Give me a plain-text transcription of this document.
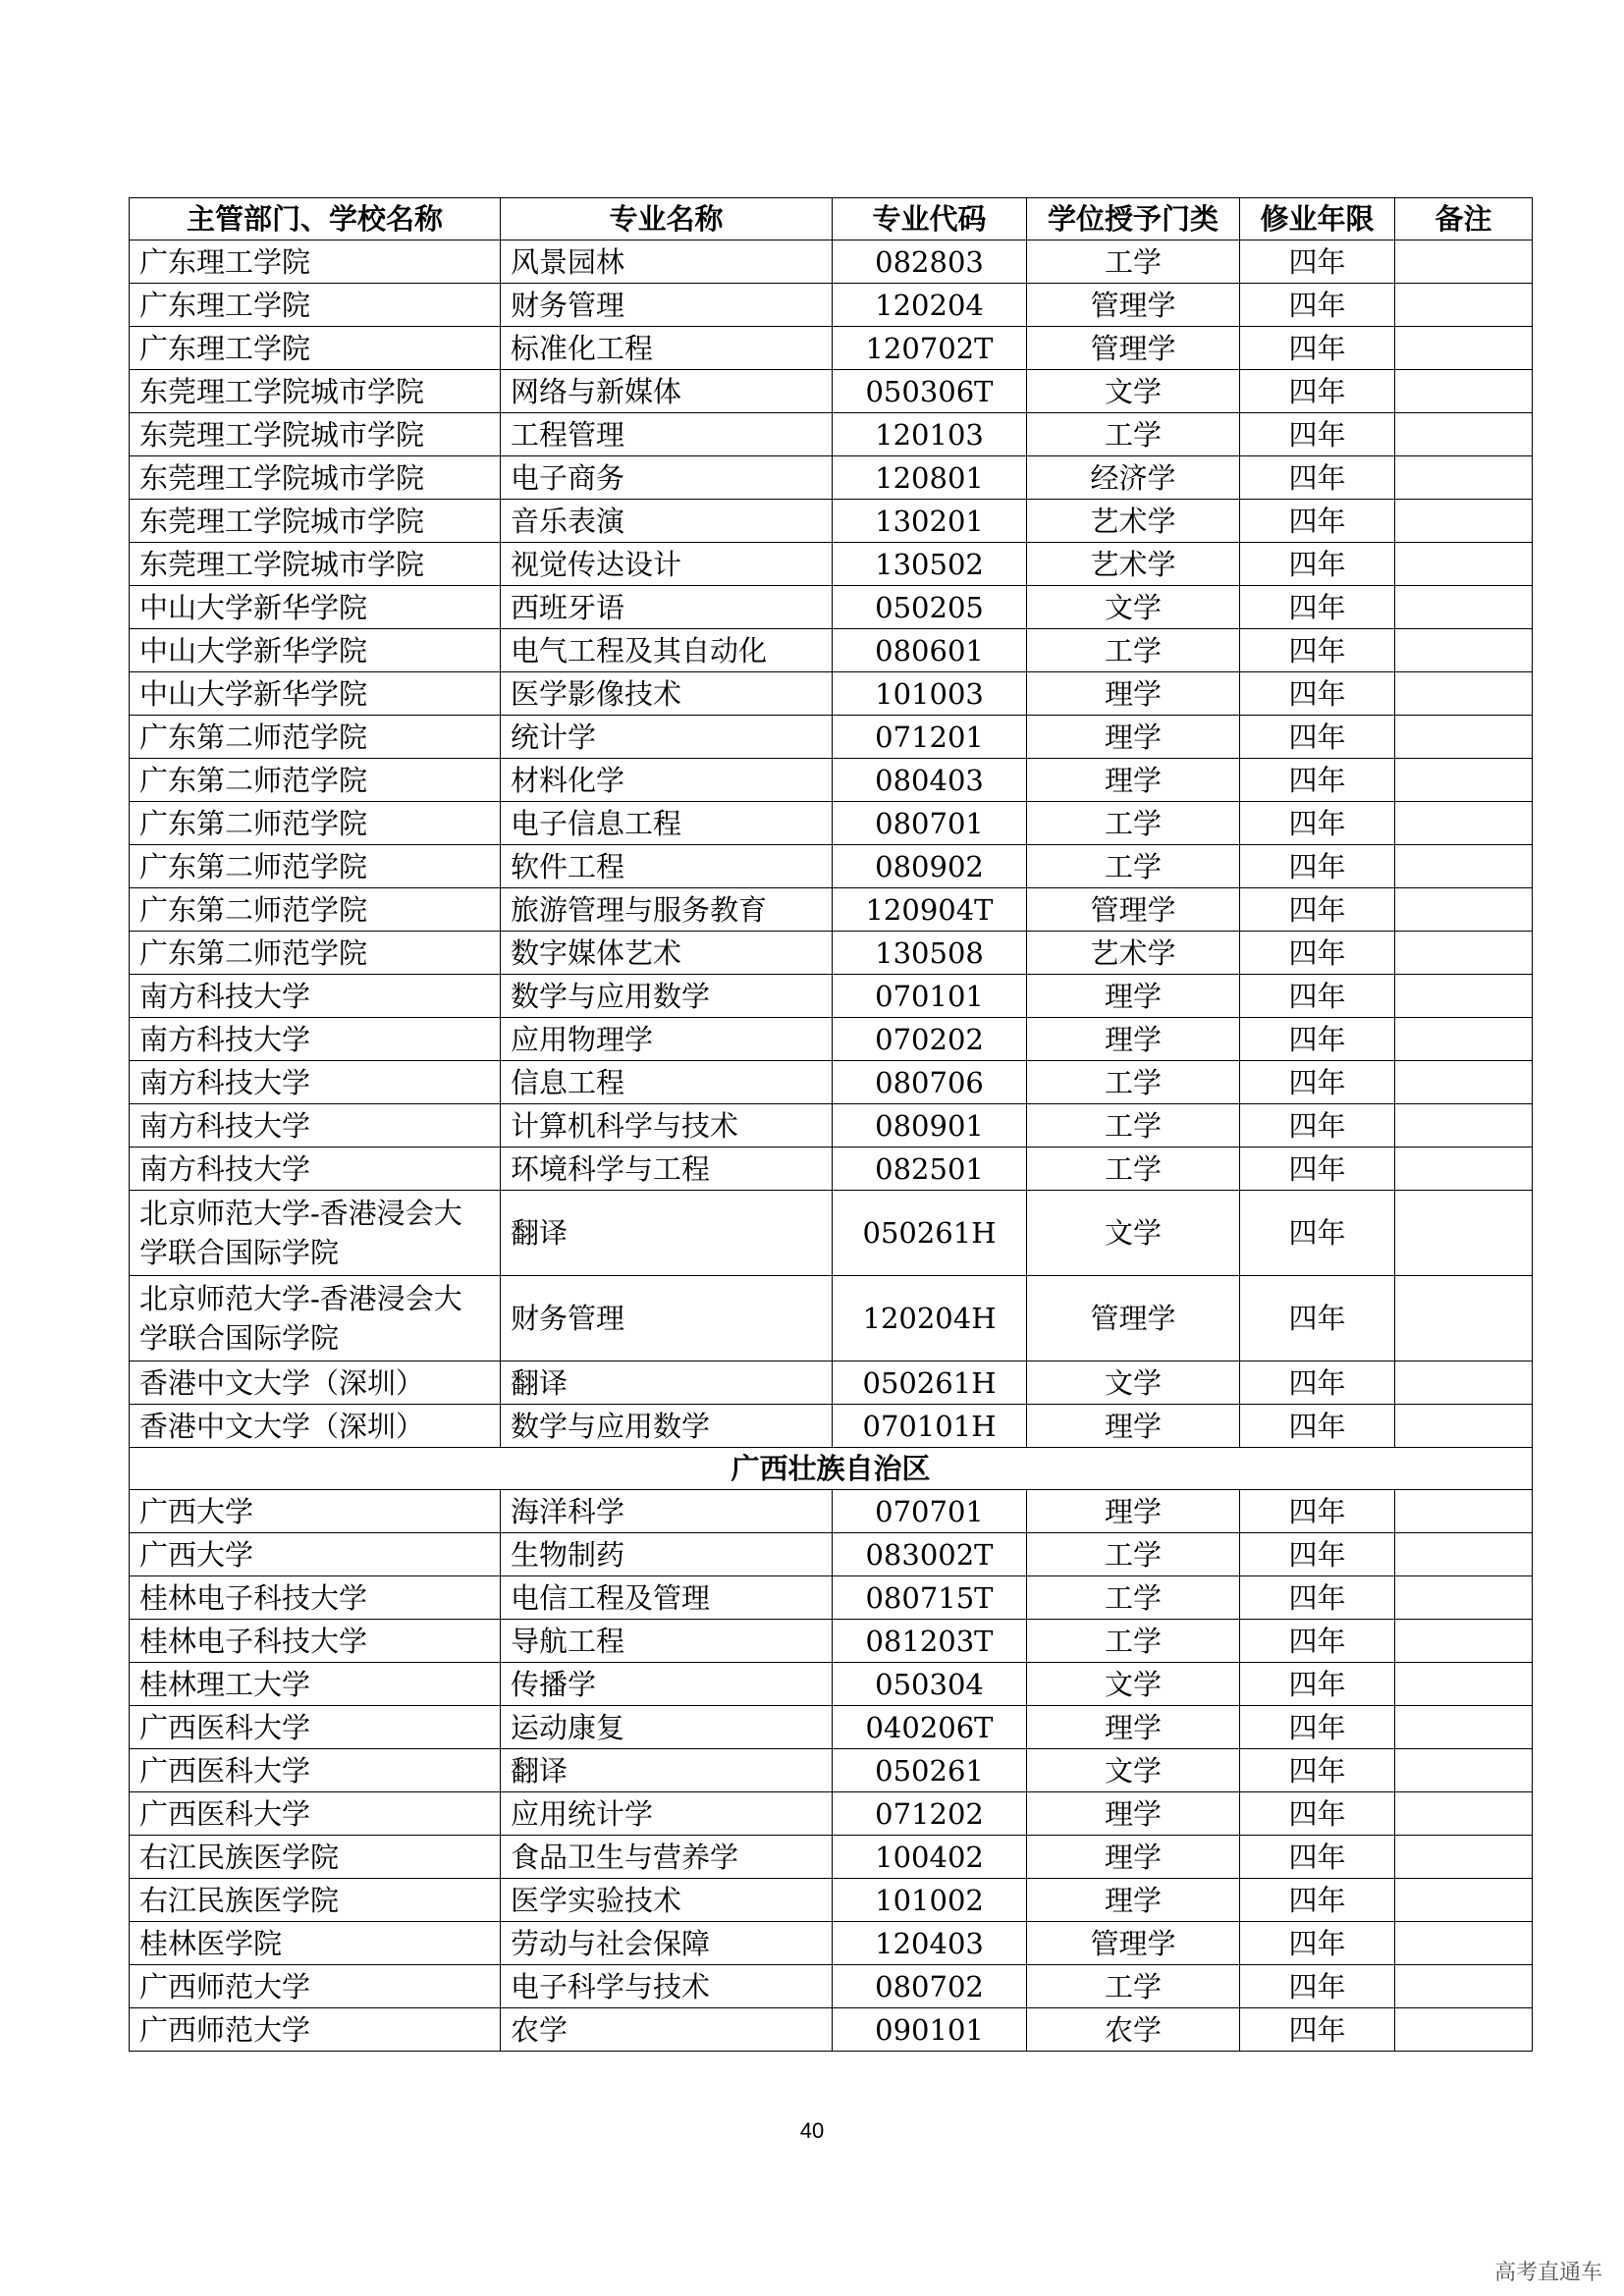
主管部门、学校名称	专业名称	专业代码	学位授予门类	修业年限	备注
广东理工学院	风景园林	082803	工学	四年	
广东理工学院	财务管理	120204	管理学	四年	
广东理工学院	标准化工程	120702T	管理学	四年	
东莞理工学院城市学院	网络与新媒体	050306T	文学	四年	
东莞理工学院城市学院	工程管理	120103	工学	四年	
东莞理工学院城市学院	电子商务	120801	经济学	四年	
东莞理工学院城市学院	音乐表演	130201	艺术学	四年	
东莞理工学院城市学院	视觉传达设计	130502	艺术学	四年	
中山大学新华学院	西班牙语	050205	文学	四年	
中山大学新华学院	电气工程及其自动化	080601	工学	四年	
中山大学新华学院	医学影像技术	101003	理学	四年	
广东第二师范学院	统计学	071201	理学	四年	
广东第二师范学院	材料化学	080403	理学	四年	
广东第二师范学院	电子信息工程	080701	工学	四年	
广东第二师范学院	软件工程	080902	工学	四年	
广东第二师范学院	旅游管理与服务教育	120904T	管理学	四年	
广东第二师范学院	数字媒体艺术	130508	艺术学	四年	
南方科技大学	数学与应用数学	070101	理学	四年	
南方科技大学	应用物理学	070202	理学	四年	
南方科技大学	信息工程	080706	工学	四年	
南方科技大学	计算机科学与技术	080901	工学	四年	
南方科技大学	环境科学与工程	082501	工学	四年	
北京师范大学-香港浸会大学联合国际学院	翻译	050261H	文学	四年	
北京师范大学-香港浸会大学联合国际学院	财务管理	120204H	管理学	四年	
香港中文大学（深圳）	翻译	050261H	文学	四年	
香港中文大学（深圳）	数学与应用数学	070101H	理学	四年	
广西壮族自治区					
广西大学	海洋科学	070701	理学	四年	
广西大学	生物制药	083002T	工学	四年	
桂林电子科技大学	电信工程及管理	080715T	工学	四年	
桂林电子科技大学	导航工程	081203T	工学	四年	
桂林理工大学	传播学	050304	文学	四年	
广西医科大学	运动康复	040206T	理学	四年	
广西医科大学	翻译	050261	文学	四年	
广西医科大学	应用统计学	071202	理学	四年	
右江民族医学院	食品卫生与营养学	100402	理学	四年	
右江民族医学院	医学实验技术	101002	理学	四年	
桂林医学院	劳动与社会保障	120403	管理学	四年	
广西师范大学	电子科学与技术	080702	工学	四年	
广西师范大学	农学	090101	农学	四年	
40
高考直通车
